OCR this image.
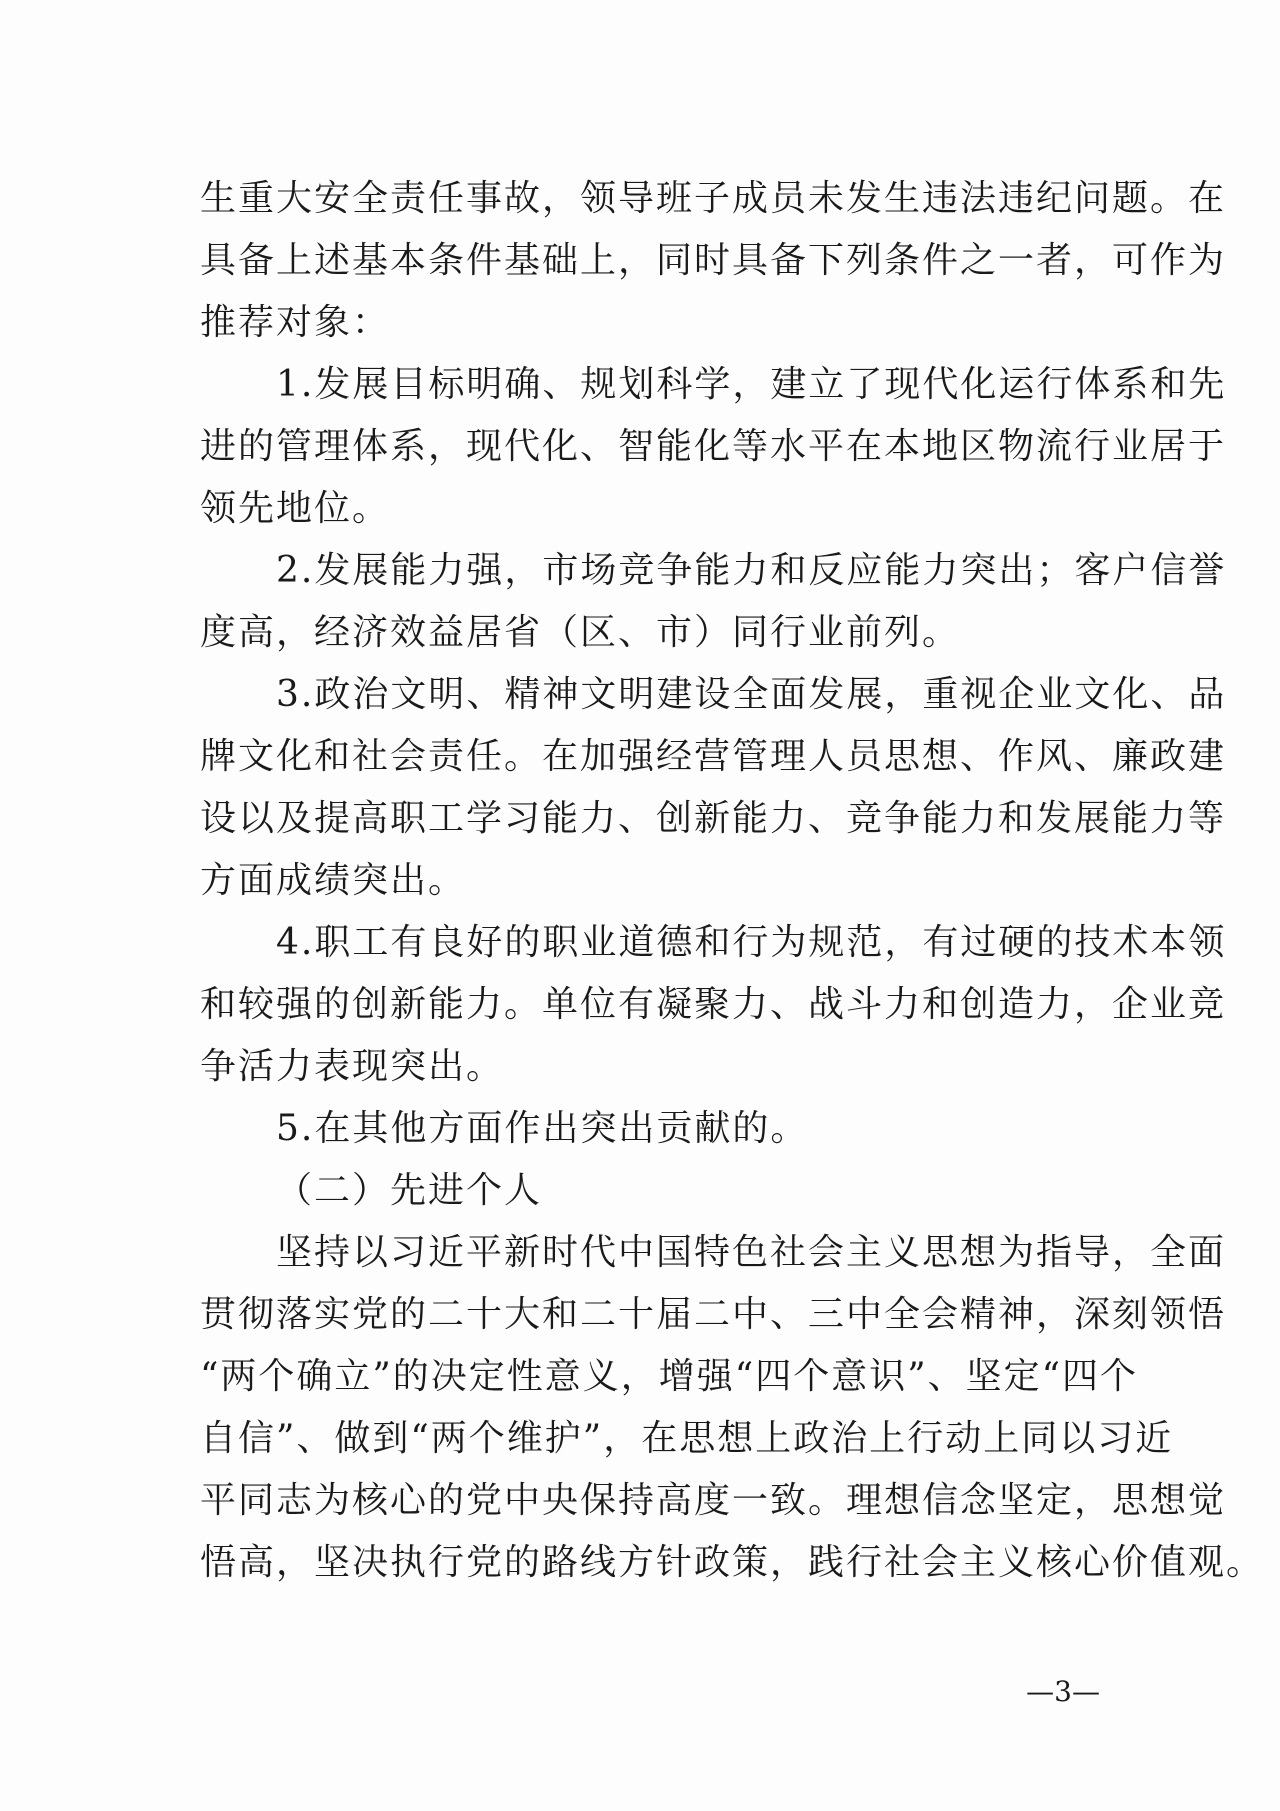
生重大安全责任事故，领导班子成员未发生违法违纪问题。在
具备上述基本条件基础上，同时具备下列条件之一者，可作为
推荐对象：
1.发展目标明确、规划科学，建立了现代化运行体系和先
进的管理体系，现代化、智能化等水平在本地区物流行业居于
领先地位。
2.发展能力强，市场竞争能力和反应能力突出；客户信誉
度高，经济效益居省（区、市）同行业前列。
3.政治文明、精神文明建设全面发展，重视企业文化、品
牌文化和社会责任。在加强经营管理人员思想、作风、廉政建
设以及提高职工学习能力、创新能力、竞争能力和发展能力等
方面成绩突出。
4.职工有良好的职业道德和行为规范，有过硬的技术本领
和较强的创新能力。单位有凝聚力、战斗力和创造力，企业竞
争活力表现突出。
5.在其他方面作出突出贡献的。
（二）先进个人
坚持以习近平新时代中国特色社会主义思想为指导，全面
贯彻落实党的二十大和二十届二中、三中全会精神，深刻领悟
“两个确立”的决定性意义，增强“四个意识”、坚定“四个
自信”、做到“两个维护”，在思想上政治上行动上同以习近
平同志为核心的党中央保持高度一致。理想信念坚定，思想觉
悟高，坚决执行党的路线方针政策，践行社会主义核心价值观。
—3—
